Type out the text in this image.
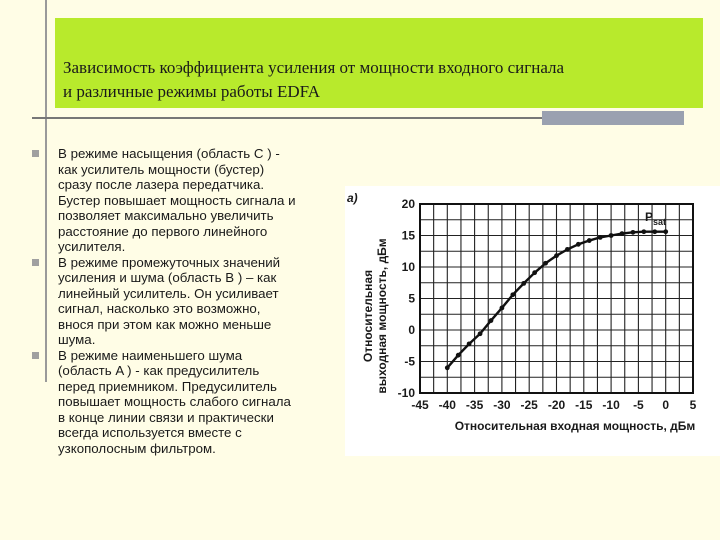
Зависимость коэффициента усиления от мощности входного сигнала
и различные режимы работы EDFA
В режиме насыщения (область C ) -
как усилитель мощности (бустер)
сразу после лазера передатчика.
Бустер повышает мощность сигнала и
позволяет максимально увеличить
расстояние до первого линейного
усилителя.
В режиме промежуточных значений
усиления и шума (область B ) – как
линейный усилитель. Он усиливает
сигнал, насколько это возможно,
внося при этом как можно меньше
шума.
В режиме наименьшего шума
(область A ) - как предусилитель
перед приемником. Предусилитель
повышает мощность слабого сигнала
в конце линии связи и практически
всегда используется вместе с
узкополосным фильтром.
-45 -40 -35 -30 -25 -20 -15 -10 -5 0 5
-10
-5
0
5
10
15
20
a)
$P_{sat}$
Относительная выходная мощность, дБм
Относительная входная мощность, дБм
